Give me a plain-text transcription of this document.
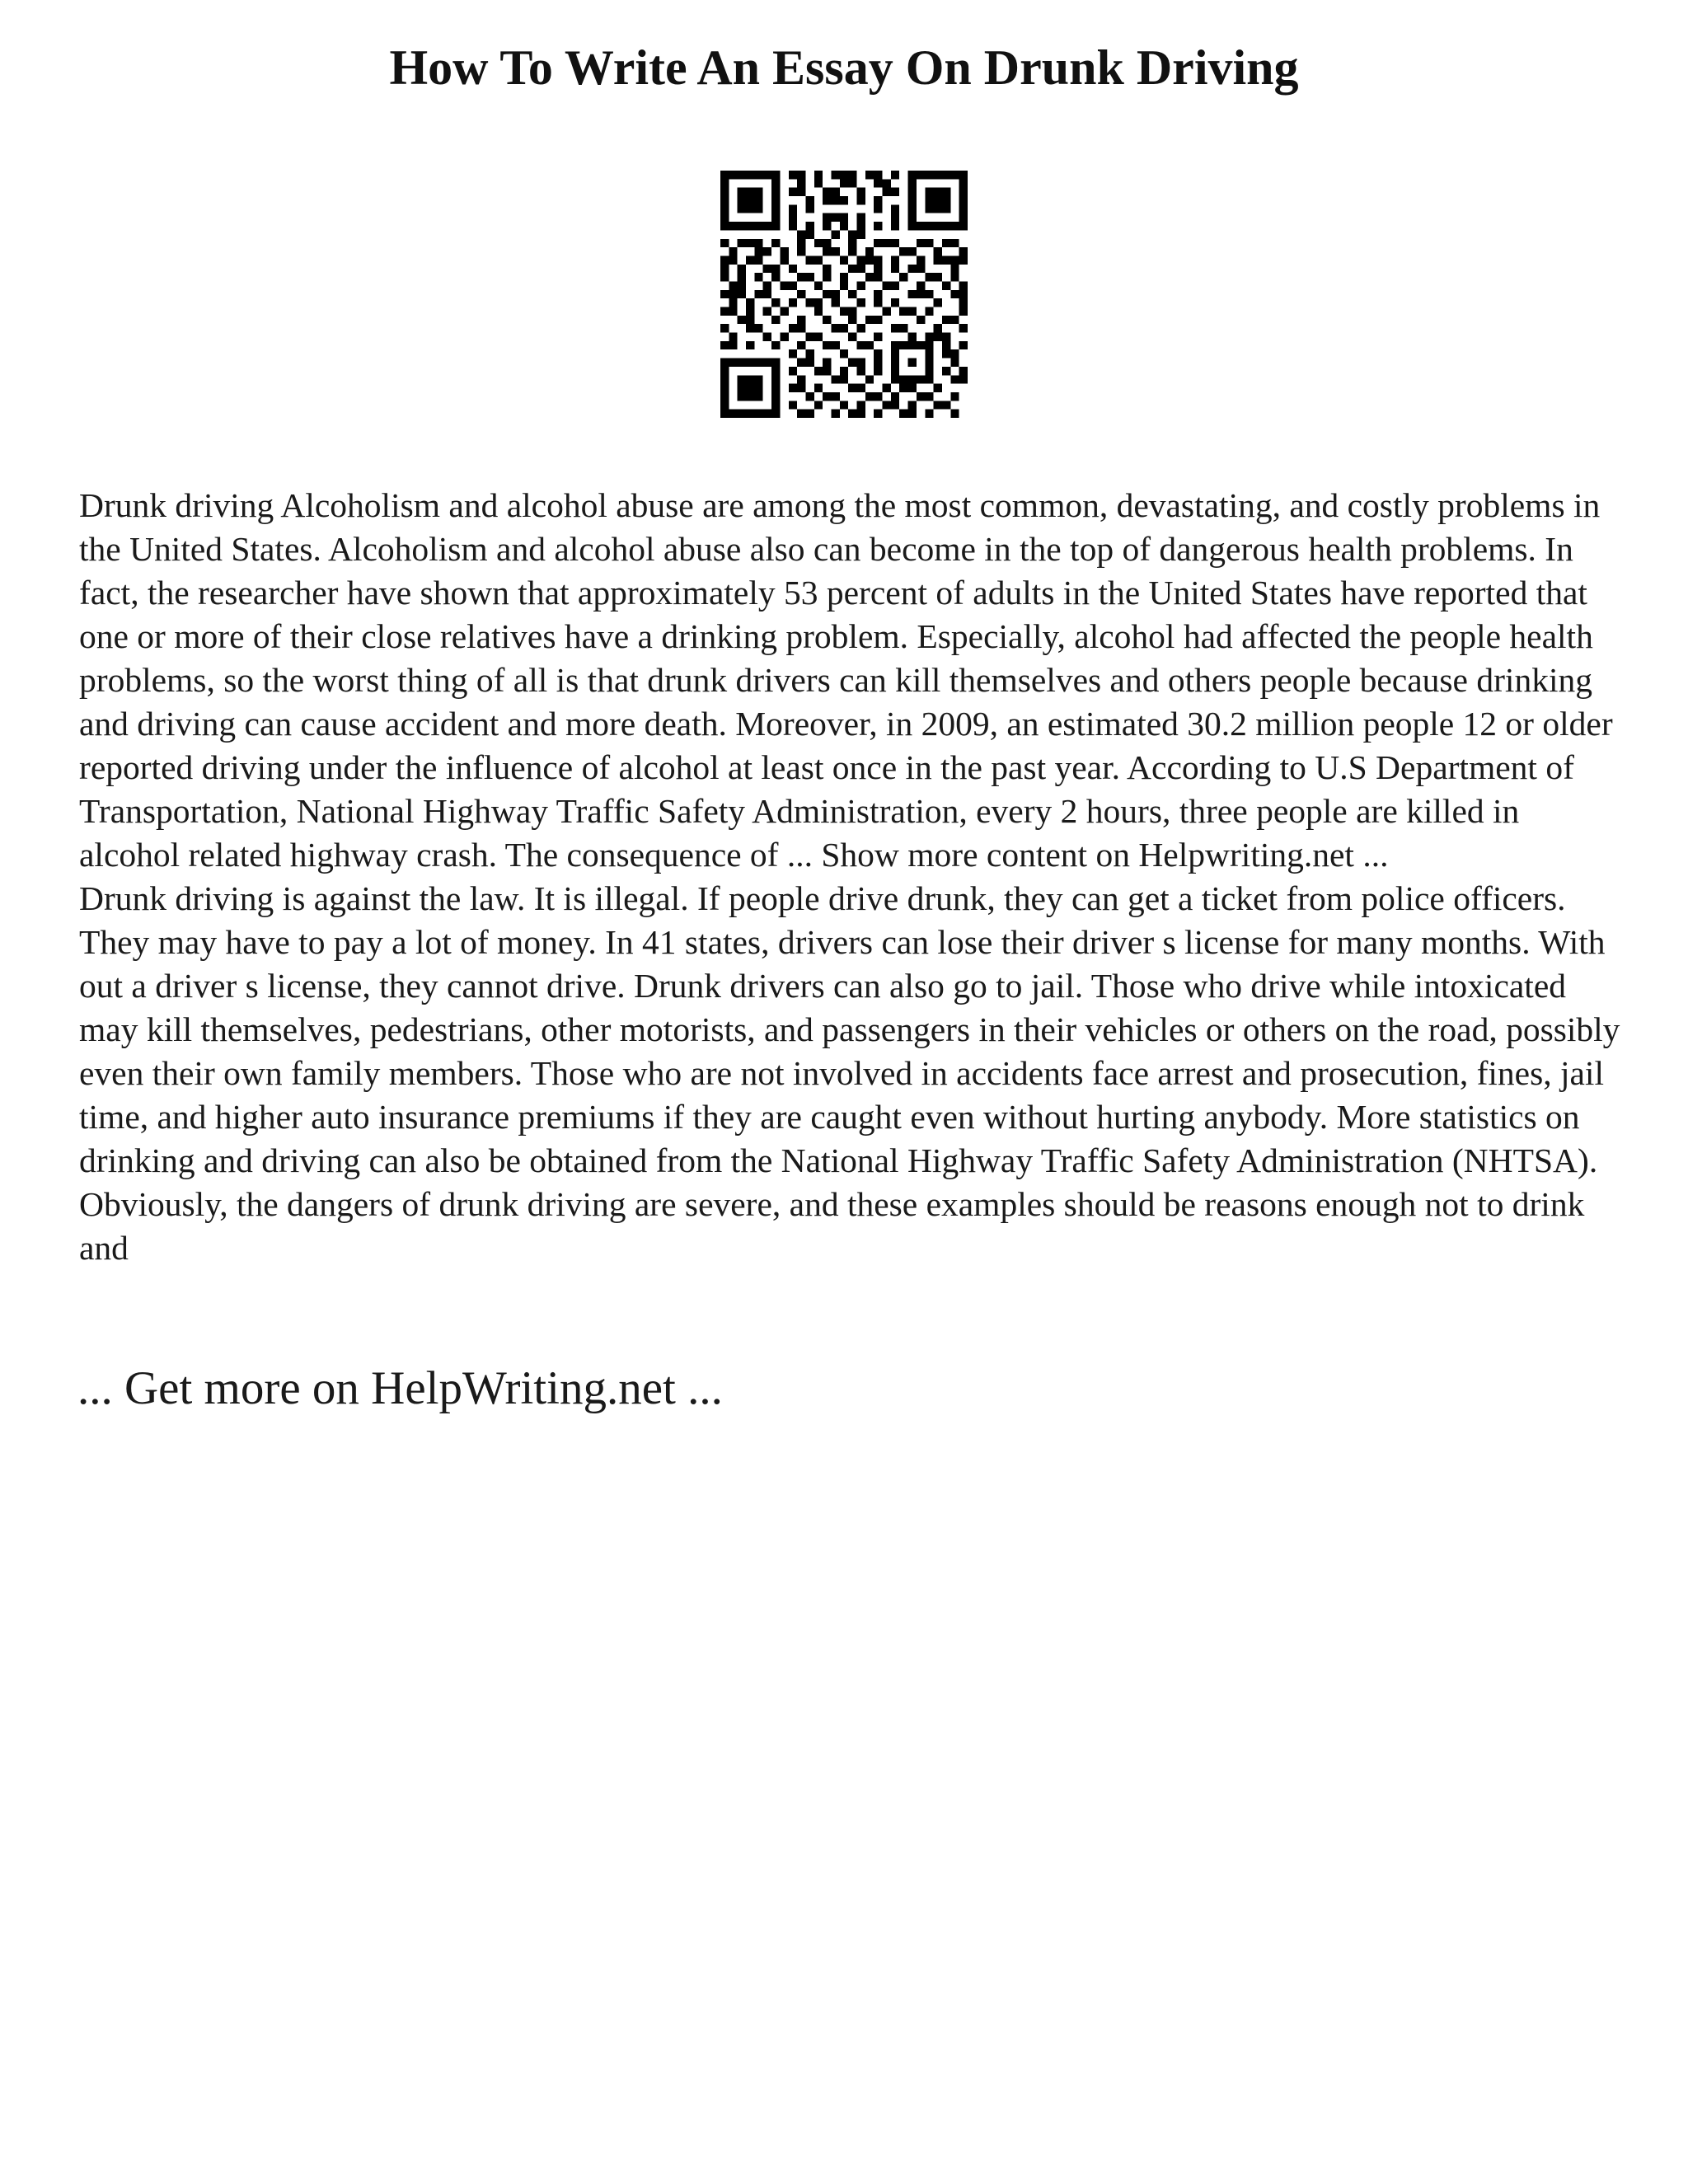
How To Write An Essay On Drunk Driving

Drunk driving Alcoholism and alcohol abuse are among the most common, devastating, and costly problems in the United States. Alcoholism and alcohol abuse also can become in the top of dangerous health problems. In fact, the researcher have shown that approximately 53 percent of adults in the United States have reported that one or more of their close relatives have a drinking problem. Especially, alcohol had affected the people health problems, so the worst thing of all is that drunk drivers can kill themselves and others people because drinking and driving can cause accident and more death. Moreover, in 2009, an estimated 30.2 million people 12 or older reported driving under the influence of alcohol at least once in the past year. According to U.S Department of Transportation, National Highway Traffic Safety Administration, every 2 hours, three people are killed in alcohol related highway crash. The consequence of ... Show more content on Helpwriting.net ...

Drunk driving is against the law. It is illegal. If people drive drunk, they can get a ticket from police officers. They may have to pay a lot of money. In 41 states, drivers can lose their driver s license for many months. With out a driver s license, they cannot drive. Drunk drivers can also go to jail. Those who drive while intoxicated may kill themselves, pedestrians, other motorists, and passengers in their vehicles or others on the road, possibly even their own family members. Those who are not involved in accidents face arrest and prosecution, fines, jail time, and higher auto insurance premiums if they are caught even without hurting anybody. More statistics on drinking and driving can also be obtained from the National Highway Traffic Safety Administration (NHTSA). Obviously, the dangers of drunk driving are severe, and these examples should be reasons enough not to drink and

... Get more on HelpWriting.net ...
